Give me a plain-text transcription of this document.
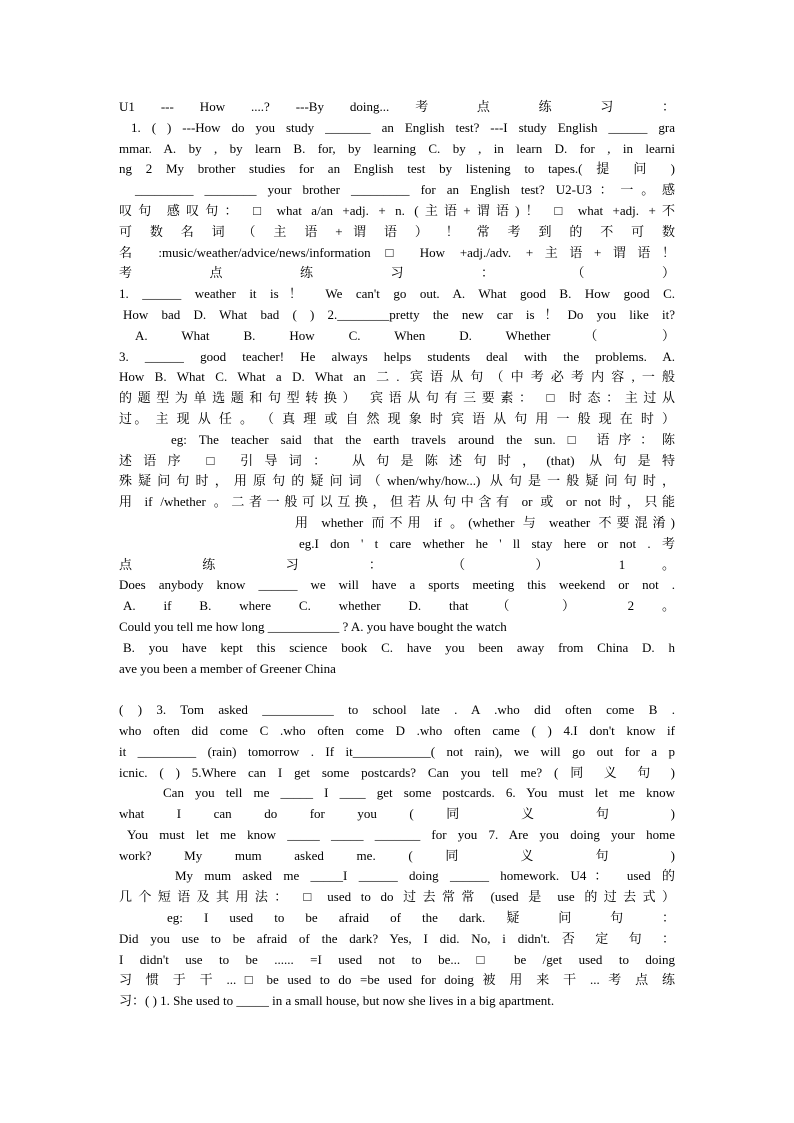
U1 --- How ....? ---By doing... 考 点 练 习 ：
1. ( ) ---How do you study _______ an English test? ---I study English ______ gra
mmar. A. by , by learn B. for, by learning C. by , in learn D. for , in learni
ng 2 My brother studies for an English test by listening to tapes.( 提 问 )
_________ ________ your brother _________ for an English test? U2-U3：一。感
叹句 感叹句： □ what a/an +adj. + n. (主语+谓语)！ □ what +adj. +不
可 数 名 词 （ 主 语 + 谓 语 ） ！ 常 考 到 的 不 可 数
名 :music/weather/advice/news/information □ How +adj./adv. +主语+谓语！
考 点 练 习 ： （ ）
1. ______ weather it is！ We can't go out. A. What good B. How good C.
How bad D. What bad ( ) 2.________pretty the new car is！Do you like it?
A. What B. How C. When D. Whether （ ）
3. ______ good teacher! He always helps students deal with the problems. A.
How B. What C. What a D. What an 二. 宾语从句（中考必考内容,一般
的题型为单选题和句型转换） 宾语从句有三要素： □ 时态：主过从
过。 主 现 从 任 。 （ 真 理 或 自 然 现 象 时 宾 语 从 句 用 一 般 现 在 时 ）
eg: The teacher said that the earth travels around the sun. □ 语序：陈
述语序 □ 引导词： 从句是陈述句时，(that) 从句是特
殊疑问句时，用原句的疑问词（when/why/how...) 从句是一般疑问句时，
用 if /whether 。二者一般可以互换，但若从句中含有 or 或 or not 时，只能
用 whether 而不用 if 。(whether 与 weather 不要混淆)
eg.I don ' t care whether he ' ll stay here or not . 考
点 练 习 ： （ ） 1 。
Does anybody know ______ we will have a sports meeting this weekend or not .
A. if B. where C. whether D. that （ ） 2 。
Could you tell me how long ___________ ? A. you have bought the watch
B. you have kept this science book C. have you been away from China D. h
ave you been a member of Greener China
( ) 3. Tom asked ___________ to school late . A .who did often come B .
who often did come C .who often come D .who often came ( ) 4.I don't know if
it _________ (rain) tomorrow . If it____________( not rain), we will go out for a p
icnic. ( ) 5.Where can I get some postcards? Can you tell me? ( 同 义 句 )
Can you tell me _____ I ____ get some postcards. 6. You must let me know
what I can do for you ( 同 义 句 )
You must let me know _____ _____ _______ for you 7. Are you doing your home
work? My mum asked me. ( 同 义 句 )
My mum asked me _____I ______ doing ______ homework. U4： used 的
几个短语及其用法： □ used to do 过去常常 (used 是 use 的过去式）
eg: I used to be afraid of the dark. 疑 问 句 ：
Did you use to be afraid of the dark? Yes, I did. No, i didn't. 否 定 句 ：
I didn't use to be ...... =I used not to be... □ be /get used to doing
习 惯 于 干 ... □ be used to do =be used for doing 被 用 来 干 ... 考 点 练
习：( ) 1. She used to _____ in a small house, but now she lives in a big apartment.
